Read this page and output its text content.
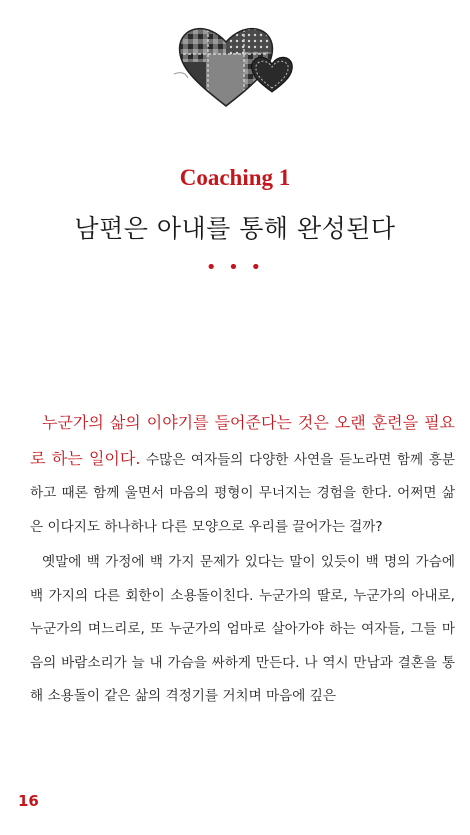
Coaching 1
남편은 아내를 통해 완성된다
• • •

누군가의 삶의 이야기를 들어준다는 것은 오랜 훈련을 필요로 하는 일이다. 수많은 여자들의 다양한 사연을 듣노라면 함께 흥분하고 때론 함께 울면서 마음의 평형이 무너지는 경험을 한다. 어쩌면 삶은 이다지도 하나하나 다른 모양으로 우리를 끌어가는 걸까?

옛말에 백 가정에 백 가지 문제가 있다는 말이 있듯이 백 명의 가슴에 백 가지의 다른 회한이 소용돌이친다. 누군가의 딸로, 누군가의 아내로, 누군가의 며느리로, 또 누군가의 엄마로 살아가야 하는 여자들, 그들 마음의 바람소리가 늘 내 가슴을 싸하게 만든다. 나 역시 만남과 결혼을 통해 소용돌이 같은 삶의 격정기를 거치며 마음에 깊은

16
